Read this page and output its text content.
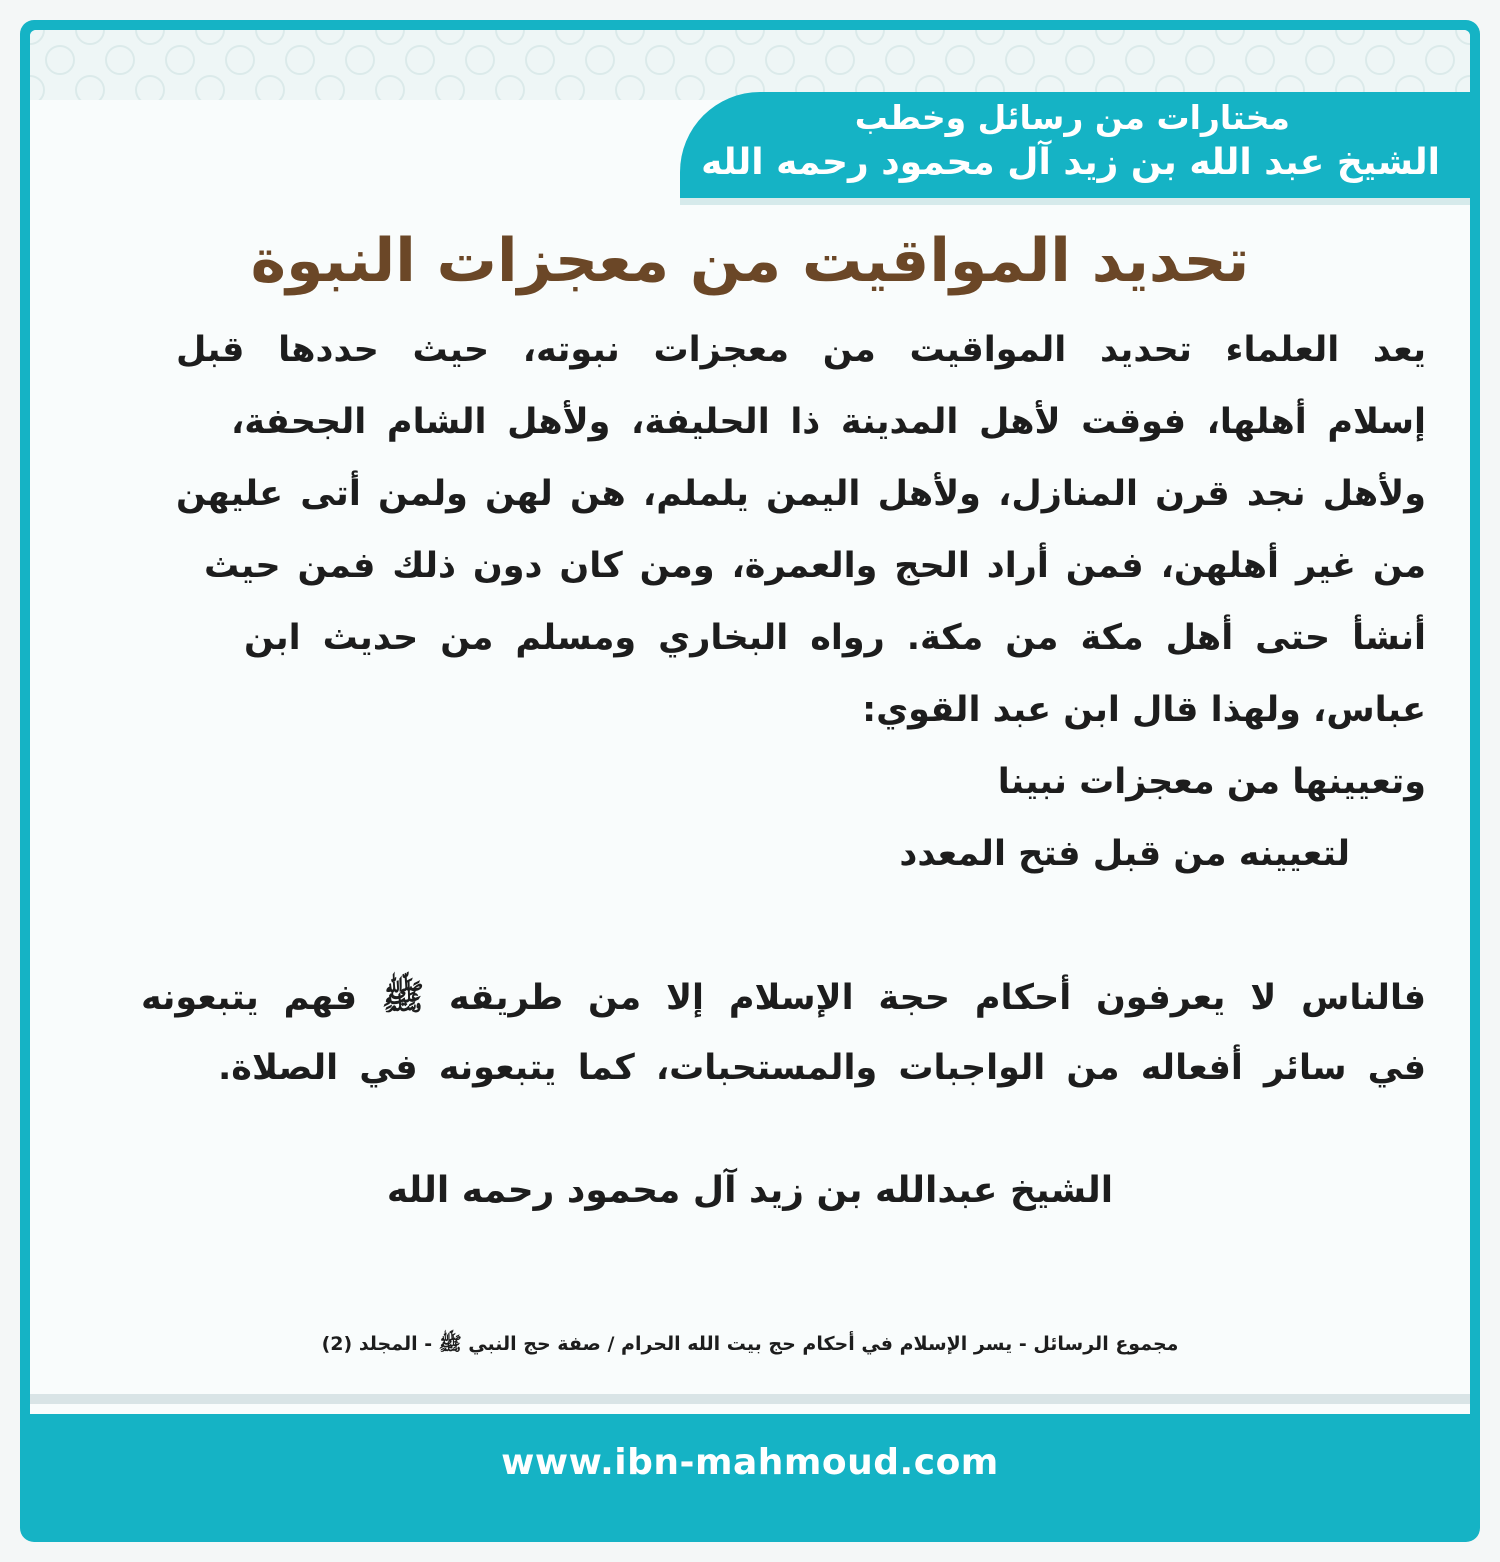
مختارات من رسائل وخطب
الشيخ عبد الله بن زيد آل محمود رحمه الله
تحديد المواقيت من معجزات النبوة
www.ibn-mahmoud.com
يعد العلماء تحديد المواقيت من معجزات نبوته، حيث حددها قبل
إسلام أهلها، فوقت لأهل المدينة ذا الحليفة، ولأهل الشام الجحفة،
ولأهل نجد قرن المنازل، ولأهل اليمن يلملم، هن لهن ولمن أتى عليهن
من غير أهلهن، فمن أراد الحج والعمرة، ومن كان دون ذلك فمن حيث
أنشأ حتى أهل مكة من مكة. رواه البخاري ومسلم من حديث ابن
عباس، ولهذا قال ابن عبد القوي:
وتعيينها من معجزات نبينا
لتعيينه من قبل فتح المعدد
فالناس لا يعرفون أحكام حجة الإسلام إلا من طريقه ﷺ فهم يتبعونه
في سائر أفعاله من الواجبات والمستحبات، كما يتبعونه في الصلاة.
الشيخ عبدالله بن زيد آل محمود رحمه الله
مجموع الرسائل - يسر الإسلام في أحكام حج بيت الله الحرام / صفة حج النبي ﷺ - المجلد (2)
